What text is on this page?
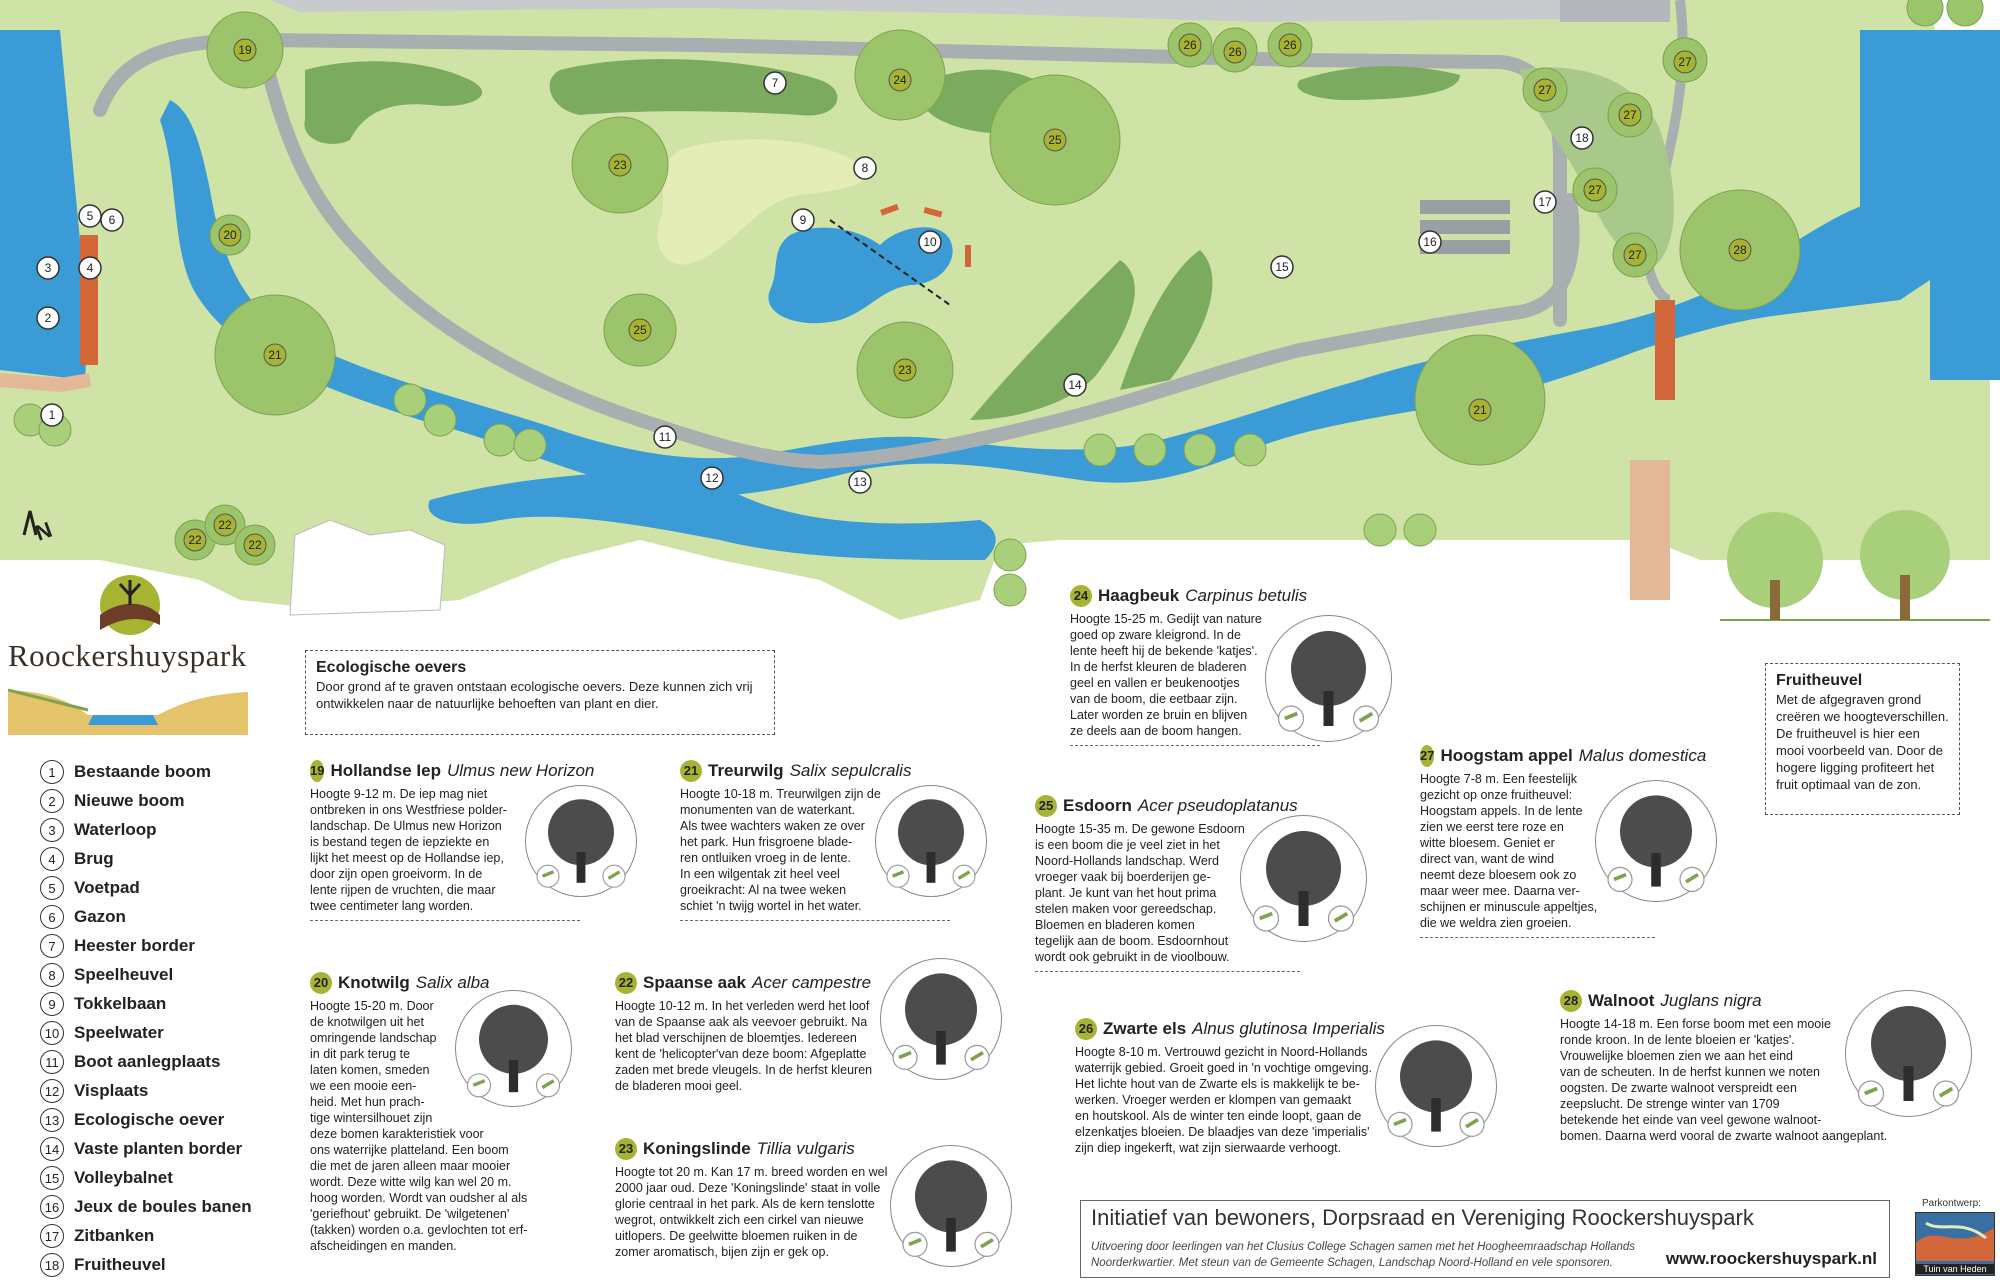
1
2
3	4
5 6
7
8
9
10
11
12	13
14
15
16
17
18
19
20
21
21
22
22
22
23
23
24
25
25
26	26	26
27
27
27
27
27	28
N
Roockershuyspark
1	Bestaande boom
2	Nieuwe boom
3	Waterloop
4	Brug
5	Voetpad
6	Gazon
7	Heester border
8	Speelheuvel
9	Tokkelbaan
10 Speelwater
11 Boot aanlegplaats
12 Visplaats
13 Ecologische oever
14 Vaste planten border
15 Volleybalnet
16 Jeux de boules banen
17 Zitbanken
18 Fruitheuvel
Ecologische oevers
Door grond af te graven ontstaan ecologische oevers. Deze kunnen zich vrij ontwikkelen naar de natuurlijke behoeften van plant en dier.
Fruitheuvel
Met de afgegraven grond creëren we hoogteverschillen. De fruitheuvel is hier een mooi voorbeeld van. Door de hogere ligging profiteert het fruit optimaal van de zon.
19 Hollandse Iep Ulmus new Horizon
Hoogte 9-12 m. De iep mag niet
ontbreken in ons Westfriese polder-
landschap. De Ulmus new Horizon
is bestand tegen de iepziekte en
lijkt het meest op de Hollandse iep,
door zijn open groeivorm. In de
lente rijpen de vruchten, die maar
twee centimeter lang worden.
20 Knotwilg Salix alba
Hoogte 15-20 m. Door
de knotwilgen uit het
omringende landschap
in dit park terug te
laten komen, smeden
we een mooie een-
heid. Met hun prach-
tige wintersilhouet zijn
deze bomen karakteristiek voor
ons waterrijke platteland. Een boom
die met de jaren alleen maar mooier
wordt. Deze witte wilg kan wel 20 m.
hoog worden. Wordt van oudsher al als
'geriefhout' gebruikt. De 'wilgetenen'
(takken) worden o.a. gevlochten tot erf-
afscheidingen en manden.
21 Treurwilg Salix sepulcralis
Hoogte 10-18 m. Treurwilgen zijn de
monumenten van de waterkant.
Als twee wachters waken ze over
het park. Hun frisgroene blade-
ren ontluiken vroeg in de lente.
In een wilgentak zit heel veel
groeikracht: Al na twee weken
schiet 'n twijg wortel in het water.
22 Spaanse aak Acer campestre
Hoogte 10-12 m. In het verleden werd het loof
van de Spaanse aak als veevoer gebruikt. Na
het blad verschijnen de bloemtjes. Iedereen
kent de 'helicopter'van deze boom: Afgeplatte
zaden met brede vleugels. In de herfst kleuren
de bladeren mooi geel.
23 Koningslinde Tillia vulgaris
Hoogte tot 20 m. Kan 17 m. breed worden en wel
2000 jaar oud. Deze 'Koningslinde' staat in volle
glorie centraal in het park. Als de kern tenslotte
wegrot, ontwikkelt zich een cirkel van nieuwe
uitlopers. De geelwitte bloemen ruiken in de
zomer aromatisch, bijen zijn er gek op.
24 Haagbeuk Carpinus betulis
Hoogte 15-25 m. Gedijt van nature
goed op zware kleigrond. In de
lente heeft hij de bekende 'katjes'.
In de herfst kleuren de bladeren
geel en vallen er beukenootjes
van de boom, die eetbaar zijn.
Later worden ze bruin en blijven
ze deels aan de boom hangen.
25 Esdoorn Acer pseudoplatanus
Hoogte 15-35 m. De gewone Esdoorn
is een boom die je veel ziet in het
Noord-Hollands landschap. Werd
vroeger vaak bij boerderijen ge-
plant. Je kunt van het hout prima
stelen maken voor gereedschap.
Bloemen en bladeren komen
tegelijk aan de boom. Esdoornhout
wordt ook gebruikt in de vioolbouw.
26 Zwarte els Alnus glutinosa Imperialis
Hoogte 8-10 m. Vertrouwd gezicht in Noord-Hollands
waterrijk gebied. Groeit goed in 'n vochtige omgeving.
Het lichte hout van de Zwarte els is makkelijk te be-
werken. Vroeger werden er klompen van gemaakt
en houtskool. Als de winter ten einde loopt, gaan de
elzenkatjes bloeien. De blaadjes van deze 'imperialis'
zijn diep ingekerft, wat zijn sierwaarde verhoogt.
27 Hoogstam appel Malus domestica
Hoogte 7-8 m. Een feestelijk
gezicht op onze fruitheuvel:
Hoogstam appels. In de lente
zien we eerst tere roze en
witte bloesem. Geniet er
direct van, want de wind
neemt deze bloesem ook zo
maar weer mee. Daarna ver-
schijnen er minuscule appeltjes,
die we weldra zien groeien.
28 Walnoot Juglans nigra
Hoogte 14-18 m. Een forse boom met een mooie
ronde kroon. In de lente bloeien er 'katjes'.
Vrouwelijke bloemen zien we aan het eind
van de scheuten. In de herfst kunnen we noten
oogsten. De zwarte walnoot verspreidt een
zeepslucht. De strenge winter van 1709
betekende het einde van veel gewone walnoot-
bomen. Daarna werd vooral de zwarte walnoot aangeplant.
Initiatief van bewoners, Dorpsraad en Vereniging Roockershuyspark
Uitvoering door leerlingen van het Clusius College Schagen samen met het Hoogheemraadschap Hollands
Noorderkwartier. Met steun van de Gemeente Schagen, Landschap Noord-Holland en vele sponsoren.	www.roockershuyspark.nl
Parkontwerp:
Tuin van Heden
